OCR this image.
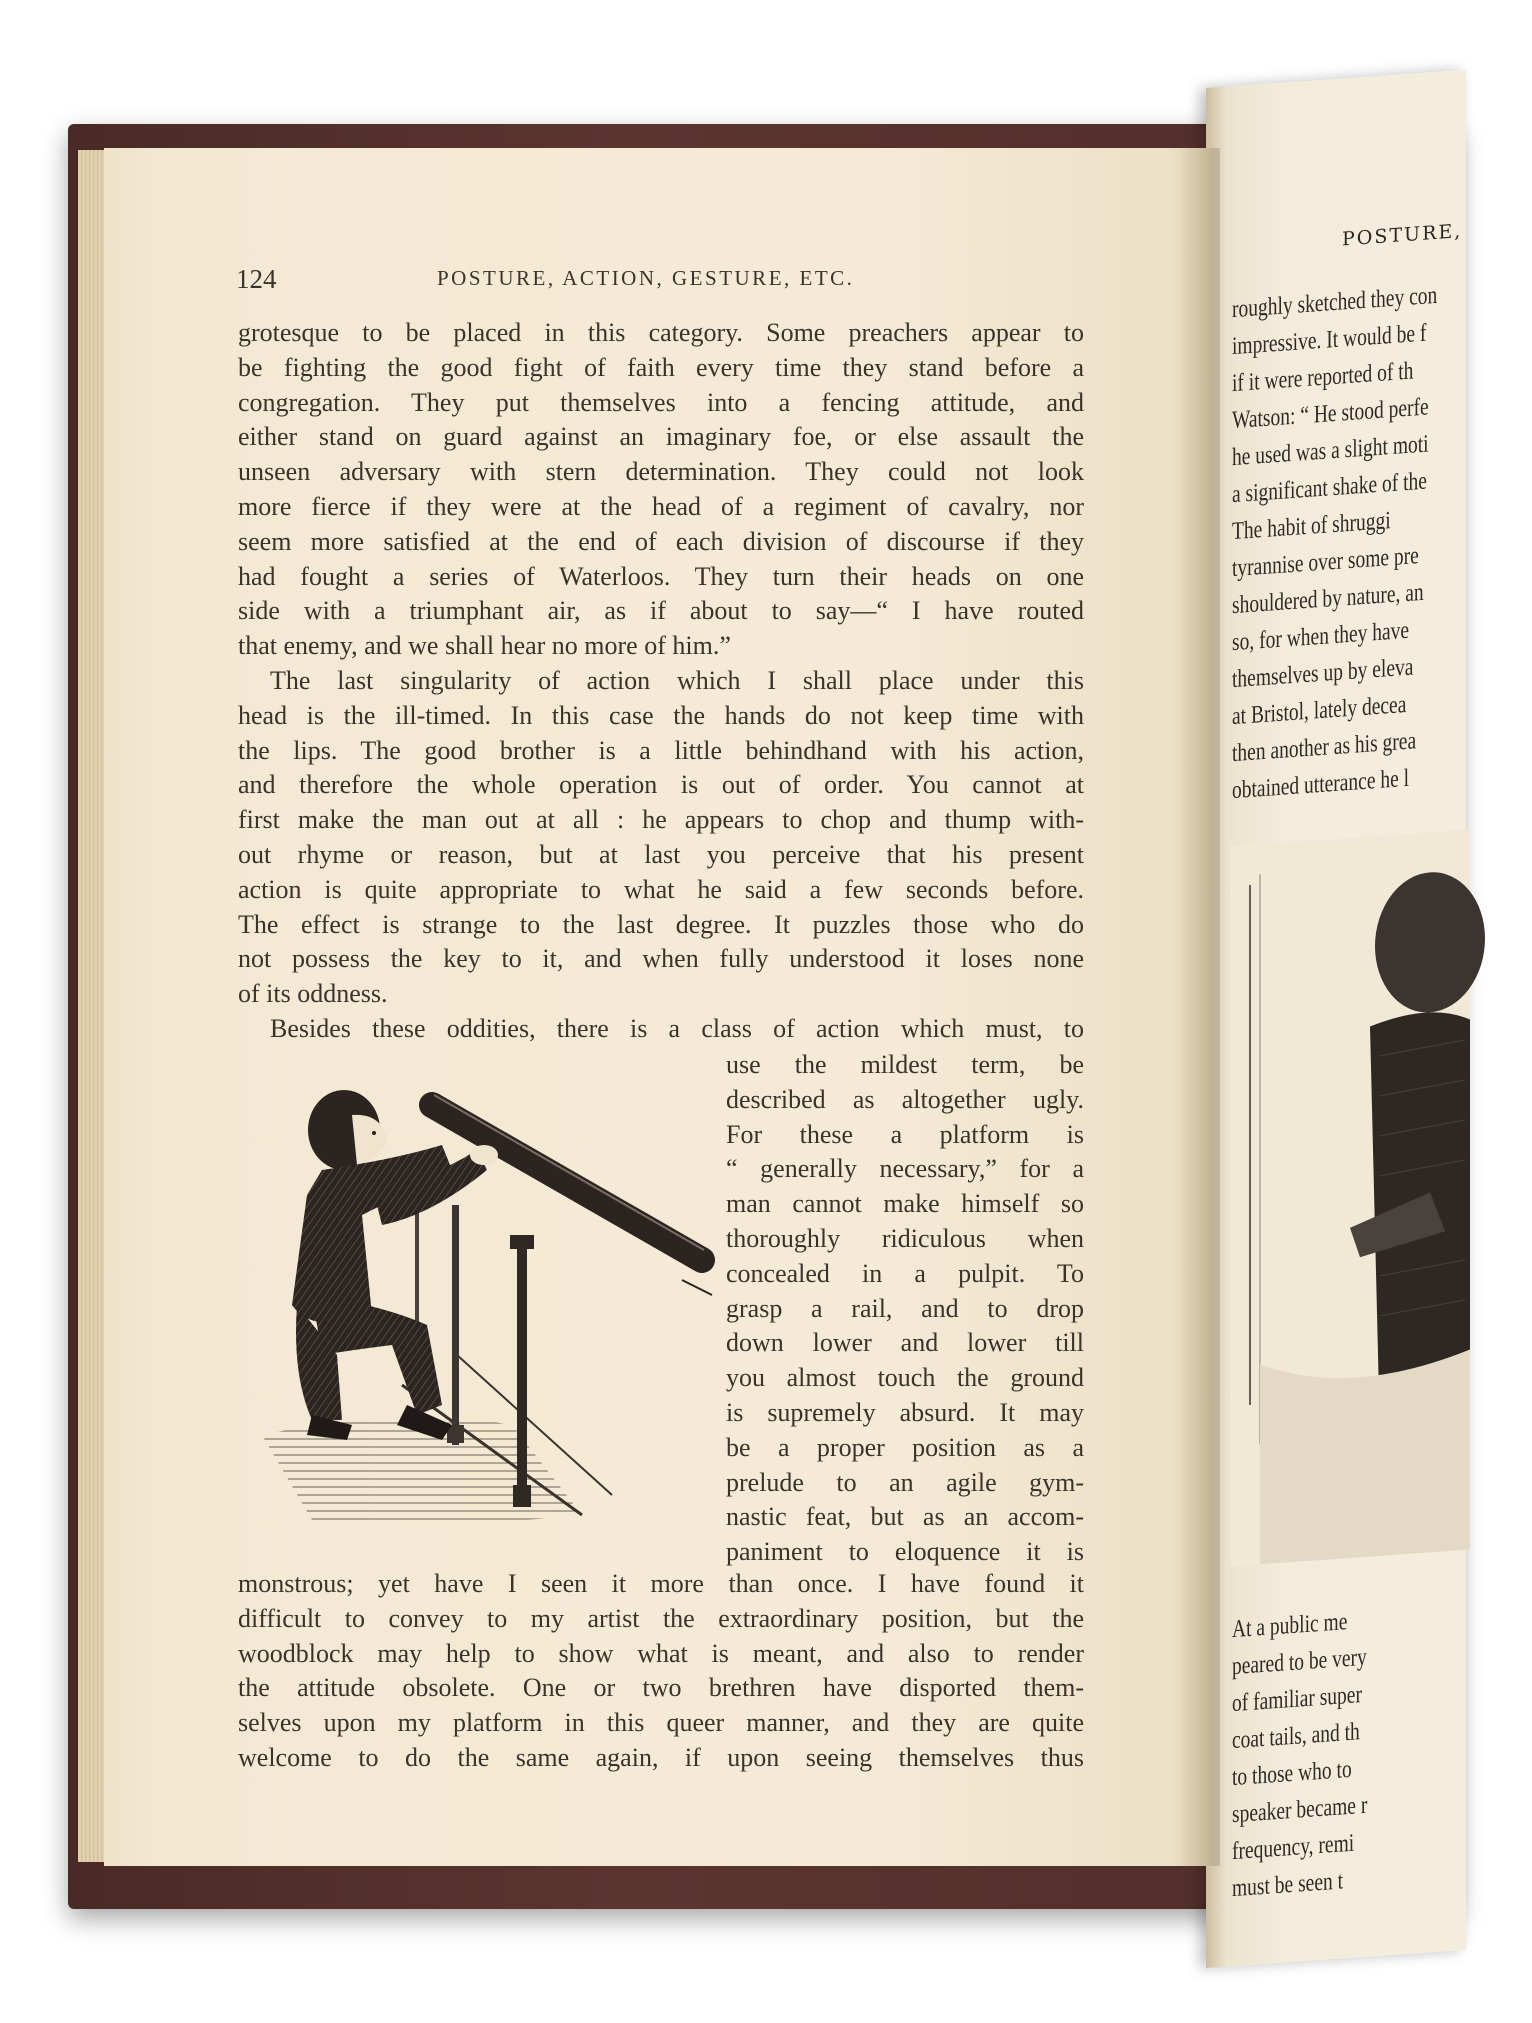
POSTURE,
roughly sketched they con
impressive. It would be f
if it were reported of th
Watson: “ He stood perfe
he used was a slight moti
a significant shake of the
The habit of shruggi
tyrannise over some pre
shouldered by nature, an
so, for when they have
themselves up by eleva
at Bristol, lately decea
then another as his grea
obtained utterance he l
At a public me
peared to be very
of familiar super
coat tails, and th
to those who to
speaker became r
frequency, remi
must be seen t
124	POSTURE, ACTION, GESTURE, ETC.
grotesque to be placed in this category. Some preachers appear to
be fighting the good fight of faith every time they stand before a
congregation. They put themselves into a fencing attitude, and
either stand on guard against an imaginary foe, or else assault the
unseen adversary with stern determination. They could not look
more fierce if they were at the head of a regiment of cavalry, nor
seem more satisfied at the end of each division of discourse if they
had fought a series of Waterloos. They turn their heads on one
side with a triumphant air, as if about to say—“ I have routed
that enemy, and we shall hear no more of him.”
The last singularity of action which I shall place under this
head is the ill-timed. In this case the hands do not keep time with
the lips. The good brother is a little behindhand with his action,
and therefore the whole operation is out of order. You cannot at
first make the man out at all : he appears to chop and thump with-
out rhyme or reason, but at last you perceive that his present
action is quite appropriate to what he said a few seconds before.
The effect is strange to the last degree. It puzzles those who do
not possess the key to it, and when fully understood it loses none
of its oddness.
Besides these oddities, there is a class of action which must, to
use the mildest term, be
described as altogether ugly.
For these a platform is
“ generally necessary,” for a
man cannot make himself so
thoroughly ridiculous when
concealed in a pulpit. To
grasp a rail, and to drop
down lower and lower till
you almost touch the ground
is supremely absurd. It may
be a proper position as a
prelude to an agile gym-
nastic feat, but as an accom-
paniment to eloquence it is
monstrous; yet have I seen it more than once. I have found it
difficult to convey to my artist the extraordinary position, but the
woodblock may help to show what is meant, and also to render
the attitude obsolete. One or two brethren have disported them-
selves upon my platform in this queer manner, and they are quite
welcome to do the same again, if upon seeing themselves thus
